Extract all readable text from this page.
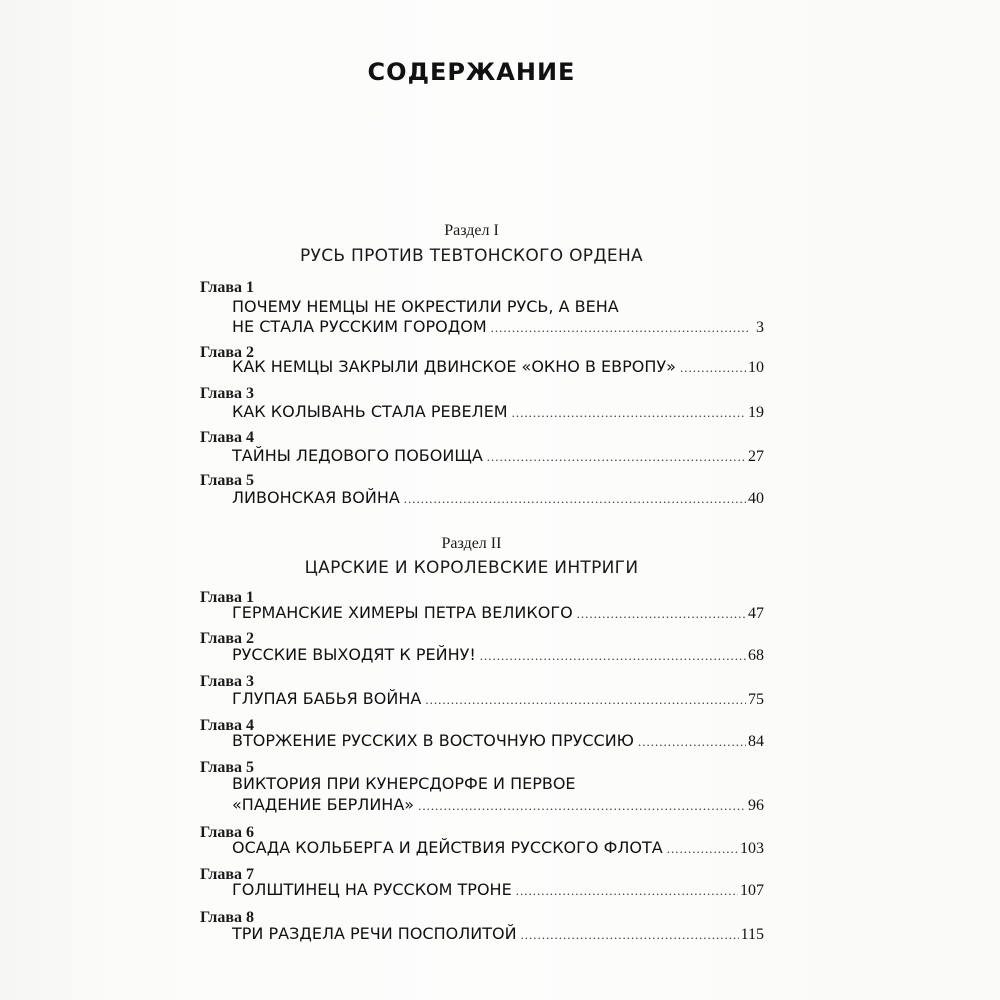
СОДЕРЖАНИЕ
Раздел I
РУСЬ ПРОТИВ ТЕВТОНСКОГО ОРДЕНА
Глава 1
ПОЧЕМУ НЕМЦЫ НЕ ОКРЕСТИЛИ РУСЬ, А ВЕНА
НЕ СТАЛА РУССКИМ ГОРОДОМ .....	3
Глава 2
КАК НЕМЦЫ ЗАКРЫЛИ ДВИНСКОЕ «ОКНО В ЕВРОПУ» .....	10
Глава 3
КАК КОЛЫВАНЬ СТАЛА РЕВЕЛЕМ .....	19
Глава 4
ТАЙНЫ ЛЕДОВОГО ПОБОИЩА .....	27
Глава 5
ЛИВОНСКАЯ ВОЙНА .....	40
Раздел II
ЦАРСКИЕ И КОРОЛЕВСКИЕ ИНТРИГИ
Глава 1
ГЕРМАНСКИЕ ХИМЕРЫ ПЕТРА ВЕЛИКОГО .....	47
Глава 2
РУССКИЕ ВЫХОДЯТ К РЕЙНУ! .....	68
Глава 3
ГЛУПАЯ БАБЬЯ ВОЙНА .....	75
Глава 4
ВТОРЖЕНИЕ РУССКИХ В ВОСТОЧНУЮ ПРУССИЮ .....	84
Глава 5
ВИКТОРИЯ ПРИ КУНЕРСДОРФЕ И ПЕРВОЕ
«ПАДЕНИЕ БЕРЛИНА» .....	96
Глава 6
ОСАДА КОЛЬБЕРГА И ДЕЙСТВИЯ РУССКОГО ФЛОТА .....	103
Глава 7
ГОЛШТИНЕЦ НА РУССКОМ ТРОНЕ .....	107
Глава 8
ТРИ РАЗДЕЛА РЕЧИ ПОСПОЛИТОЙ .....	115
